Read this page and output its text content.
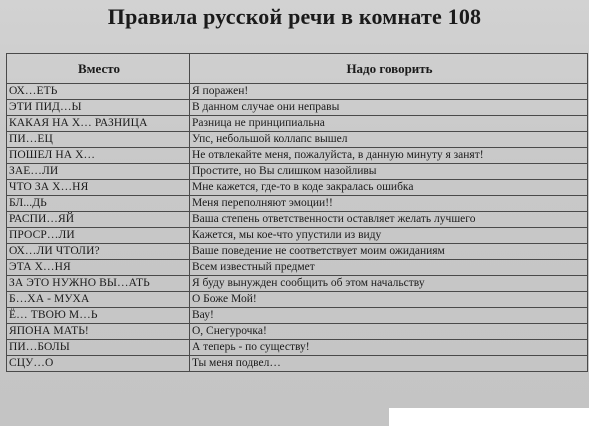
Правила русской речи в комнате 108
Вместо	Надо говорить
ОХ…ЕТЬ	Я поражен!
ЭТИ ПИД…Ы	В данном случае они неправы
КАКАЯ НА Х… РАЗНИЦА	Разница не принципиальна
ПИ…ЕЦ	Упс, небольшой коллапс вышел
ПОШЕЛ НА Х…	Не отвлекайте меня, пожалуйста, в данную минуту я занят!
ЗАЕ…ЛИ	Простите, но Вы слишком назойливы
ЧТО ЗА Х…НЯ	Мне кажется, где-то в коде закралась ошибка
БЛ...ДЬ	Меня переполняют эмоции!!
РАСПИ…ЯЙ	Ваша степень ответственности оставляет желать лучшего
ПРОСР…ЛИ	Кажется, мы кое-что упустили из виду
ОХ…ЛИ ЧТОЛИ?	Ваше поведение не соответствует моим ожиданиям
ЭТА Х…НЯ	Всем известный предмет
ЗА ЭТО НУЖНО ВЫ…АТЬ	Я буду вынужден сообщить об этом начальству
Б…ХА - МУХА	О Боже Мой!
Ё… ТВОЮ М…Ь	Вау!
ЯПОНА МАТЬ!	О, Снегурочка!
ПИ…БОЛЫ	А теперь - по существу!
СЦУ…О	Ты меня подвел…
